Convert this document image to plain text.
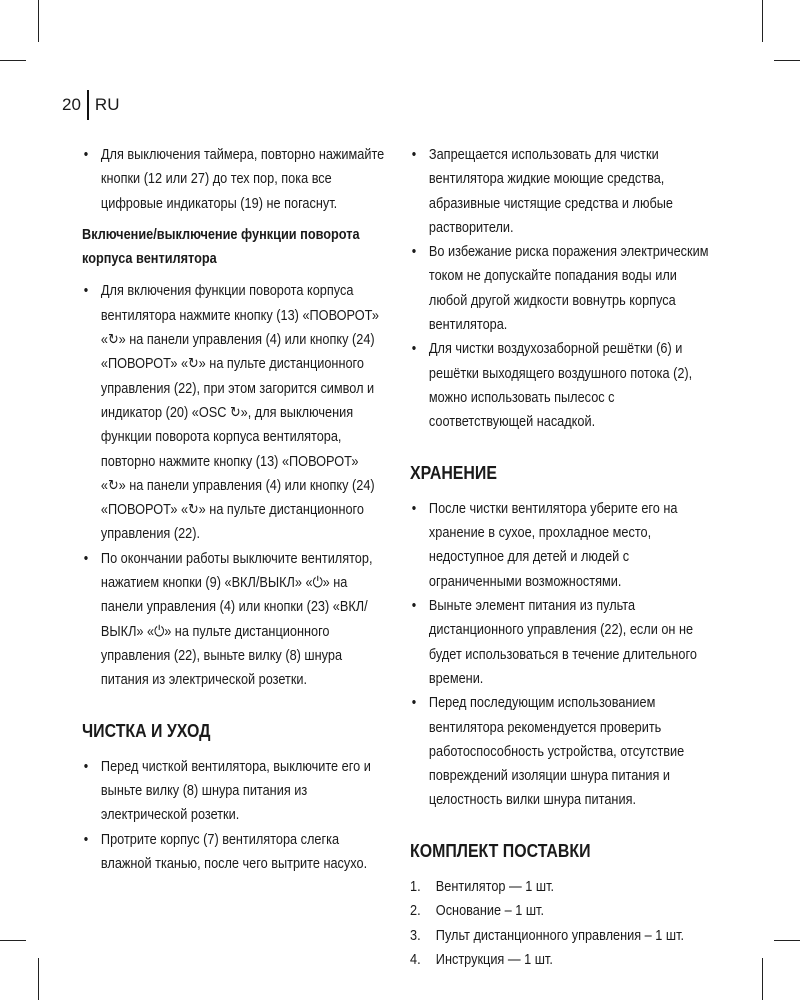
20 RU
• Для выключения таймера, повторно нажимайте кнопки (12 или 27) до тех пор, пока все цифровые индикаторы (19) не погаснут.
Включение/выключение функции поворота корпуса вентилятора
• Для включения функции поворота корпуса вентилятора нажмите кнопку (13) «ПОВОРОТ» «↻» на панели управления (4) или кнопку (24) «ПОВОРОТ» «↻» на пульте дистанционного управления (22), при этом загорится символ и индикатор (20) «OSC ↻», для выключения функции поворота корпуса вентилятора, повторно нажмите кнопку (13) «ПОВОРОТ» «↻» на панели управления (4) или кнопку (24) «ПОВОРОТ» «↻» на пульте дистанционного управления (22).
• По окончании работы выключите вентилятор, нажатием кнопки (9) «ВКЛ/ВЫКЛ» «⏻» на панели управления (4) или кнопки (23) «ВКЛ/ВЫКЛ» «⏻» на пульте дистанционного управления (22), выньте вилку (8) шнура питания из электрической розетки.
ЧИСТКА И УХОД
• Перед чисткой вентилятора, выключите его и выньте вилку (8) шнура питания из электрической розетки.
• Протрите корпус (7) вентилятора слегка влажной тканью, после чего вытрите насухо.
• Запрещается использовать для чистки вентилятора жидкие моющие средства, абразивные чистящие средства и любые растворители.
• Во избежание риска поражения электрическим током не допускайте попадания воды или любой другой жидкости вовнутрь корпуса вентилятора.
• Для чистки воздухозаборной решётки (6) и решётки выходящего воздушного потока (2), можно использовать пылесос с соответствующей насадкой.
ХРАНЕНИЕ
• После чистки вентилятора уберите его на хранение в сухое, прохладное место, недоступное для детей и людей с ограниченными возможностями.
• Выньте элемент питания из пульта дистанционного управления (22), если он не будет использоваться в течение длительного времени.
• Перед последующим использованием вентилятора рекомендуется проверить работоспособность устройства, отсутствие повреждений изоляции шнура питания и целостность вилки шнура питания.
КОМПЛЕКТ ПОСТАВКИ
1. Вентилятор — 1 шт.
2. Основание – 1 шт.
3. Пульт дистанционного управления – 1 шт.
4. Инструкция — 1 шт.
